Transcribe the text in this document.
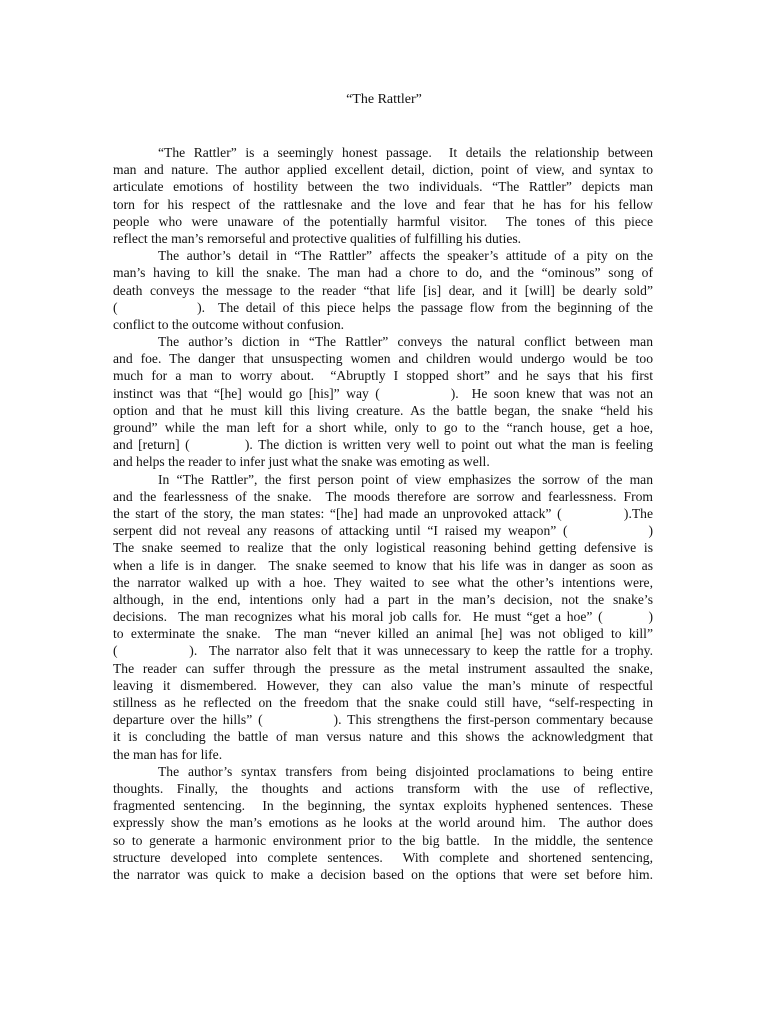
“The Rattler”
“The Rattler” is a seemingly honest passage.  It details the relationship between
man and nature. The author applied excellent detail, diction, point of view, and syntax to
articulate emotions of hostility between the two individuals. “The Rattler” depicts man
torn for his respect of the rattlesnake and the love and fear that he has for his fellow
people who were unaware of the potentially harmful visitor.  The tones of this piece
reflect the man’s remorseful and protective qualities of fulfilling his duties.
The author’s detail in “The Rattler” affects the speaker’s attitude of a pity on the
man’s having to kill the snake. The man had a chore to do, and the “ominous” song of
death conveys the message to the reader “that life [is] dear, and it [will] be dearly sold”
(            ).  The detail of this piece helps the passage flow from the beginning of the
conflict to the outcome without confusion.
The author’s diction in “The Rattler” conveys the natural conflict between man
and foe. The danger that unsuspecting women and children would undergo would be too
much for a man to worry about.  “Abruptly I stopped short” and he says that his first
instinct was that “[he] would go [his]” way (           ).  He soon knew that was not an
option and that he must kill this living creature. As the battle began, the snake “held his
ground” while the man left for a short while, only to go to the “ranch house, get a hoe,
and [return] (          ). The diction is written very well to point out what the man is feeling
and helps the reader to infer just what the snake was emoting as well.
In “The Rattler”, the first person point of view emphasizes the sorrow of the man
and the fearlessness of the snake.  The moods therefore are sorrow and fearlessness. From
the start of the story, the man states: “[he] had made an unprovoked attack” (           ).The
serpent did not reveal any reasons of attacking until “I raised my weapon” (            )
The snake seemed to realize that the only logistical reasoning behind getting defensive is
when a life is in danger.  The snake seemed to know that his life was in danger as soon as
the narrator walked up with a hoe. They waited to see what the other’s intentions were,
although, in the end, intentions only had a part in the man’s decision, not the snake’s
decisions.  The man recognizes what his moral job calls for.  He must “get a hoe” (        )
to exterminate the snake.  The man “never killed an animal [he] was not obliged to kill”
(            ).  The narrator also felt that it was unnecessary to keep the rattle for a trophy.
The reader can suffer through the pressure as the metal instrument assaulted the snake,
leaving it dismembered. However, they can also value the man’s minute of respectful
stillness as he reflected on the freedom that the snake could still have, “self-respecting in
departure over the hills” (            ). This strengthens the first-person commentary because
it is concluding the battle of man versus nature and this shows the acknowledgment that
the man has for life.
The author’s syntax transfers from being disjointed proclamations to being entire
thoughts. Finally, the thoughts and actions transform with the use of reflective,
fragmented sentencing.  In the beginning, the syntax exploits hyphened sentences. These
expressly show the man’s emotions as he looks at the world around him.  The author does
so to generate a harmonic environment prior to the big battle.  In the middle, the sentence
structure developed into complete sentences.  With complete and shortened sentencing,
the narrator was quick to make a decision based on the options that were set before him.
